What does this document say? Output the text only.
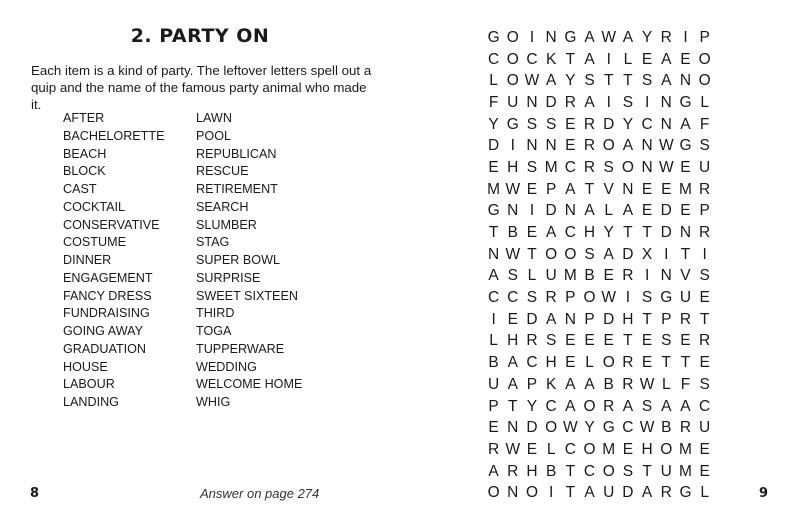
2. PARTY ON
Each item is a kind of party. The leftover letters spell out a quip and the name of the famous party animal who made it.
AFTER
BACHELORETTE
BEACH
BLOCK
CAST
COCKTAIL
CONSERVATIVE
COSTUME
DINNER
ENGAGEMENT
FANCY DRESS
FUNDRAISING
GOING AWAY
GRADUATION
HOUSE
LABOUR
LANDING
LAWN
POOL
REPUBLICAN
RESCUE
RETIREMENT
SEARCH
SLUMBER
STAG
SUPER BOWL
SURPRISE
SWEET SIXTEEN
THIRD
TOGA
TUPPERWARE
WEDDING
WELCOME HOME
WHIG
G O I N G A W A Y R I P
C O C K T A I L E A E O
L O W A Y S T T S A N O
F U N D R A I S I N G L
Y G S S E R D Y C N A F
D I N N E R O A N W G S
E H S M C R S O N W E U
M W E P A T V N E E M R
G N I D N A L A E D E P
T B E A C H Y T T D N R
N W T O O S A D X I T I
A S L U M B E R I N V S
C C S R P O W I S G U E
I E D A N P D H T P R T
L H R S E E E T E S E R
B A C H E L O R E T T E
U A P K A A B R W L F S
P T Y C A O R A S A A C
E N D O W Y G C W B R U
R W E L C O M E H O M E
A R H B T C O S T U M E
O N O I T A U D A R G L
8	Answer on page 274	9
